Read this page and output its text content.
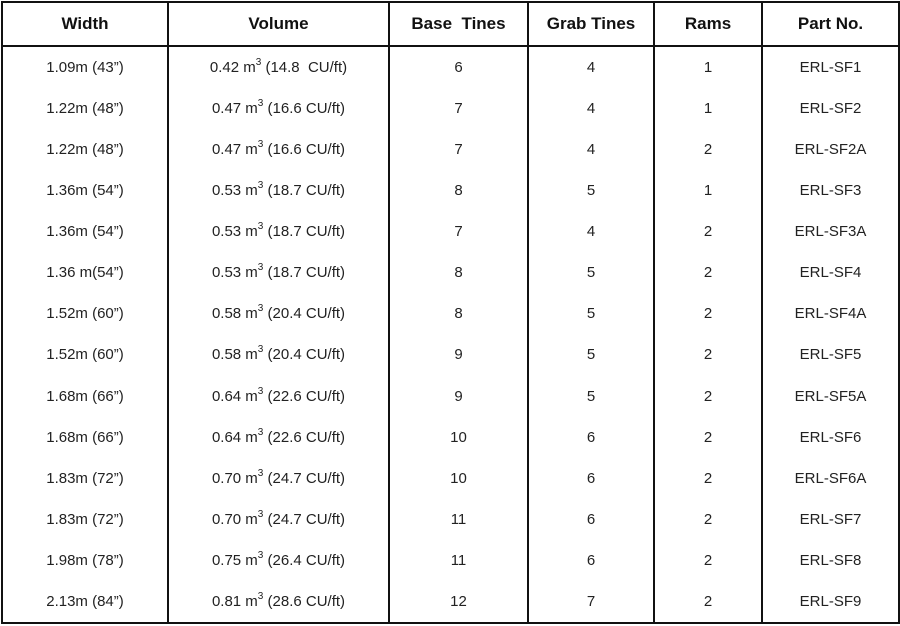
Width	Volume	Base  Tines	Grab Tines	Rams	Part No.
1.09m (43”)	0.42 $m^3$ (14.8  CU/ft)	6	4	1	ERL-SF1
1.22m (48”)	0.47 $m^3$ (16.6 CU/ft)	7	4	1	ERL-SF2
1.22m (48”)	0.47 $m^3$ (16.6 CU/ft)	7	4	2	ERL-SF2A
1.36m (54”)	0.53 $m^3$ (18.7 CU/ft)	8	5	1	ERL-SF3
1.36m (54”)	0.53 $m^3$ (18.7 CU/ft)	7	4	2	ERL-SF3A
1.36 m(54”)	0.53 $m^3$ (18.7 CU/ft)	8	5	2	ERL-SF4
1.52m (60”)	0.58 $m^3$ (20.4 CU/ft)	8	5	2	ERL-SF4A
1.52m (60”)	0.58 $m^3$ (20.4 CU/ft)	9	5	2	ERL-SF5
1.68m (66”)	0.64 $m^3$ (22.6 CU/ft)	9	5	2	ERL-SF5A
1.68m (66”)	0.64 $m^3$ (22.6 CU/ft)	10	6	2	ERL-SF6
1.83m (72”)	0.70 $m^3$ (24.7 CU/ft)	10	6	2	ERL-SF6A
1.83m (72”)	0.70 $m^3$ (24.7 CU/ft)	11	6	2	ERL-SF7
1.98m (78”)	0.75 $m^3$ (26.4 CU/ft)	11	6	2	ERL-SF8
2.13m (84”)	0.81 $m^3$ (28.6 CU/ft)	12	7	2	ERL-SF9
